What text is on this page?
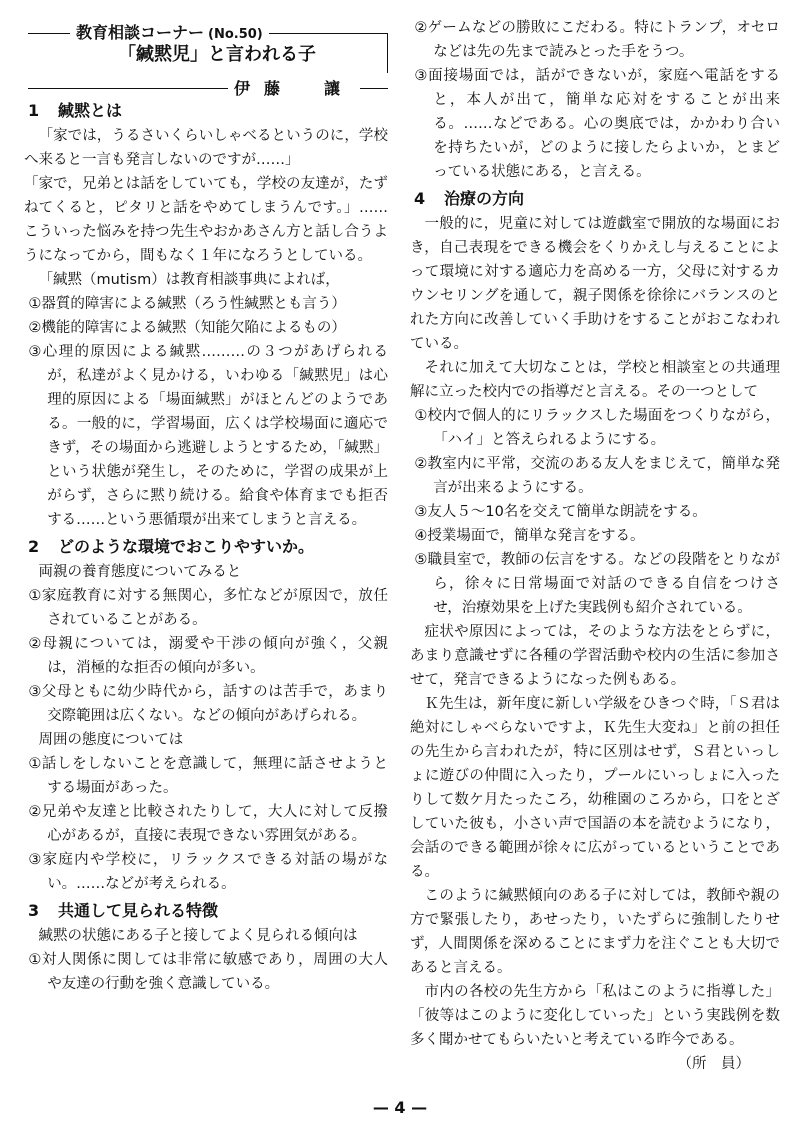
教育相談コーナー (No.50)
「緘黙児」と言われる子
伊藤　讓
1 緘黙とは

「家では，うるさいくらいしゃべるというのに，学校へ来ると一言も発言しないのですが……」

「家で，兄弟とは話をしていても，学校の友達が，たずねてくると，ピタリと話をやめてしまうんです。」……こういった悩みを持つ先生やおかあさん方と話し合うようになってから，間もなく１年になろうとしている。

「緘黙（mutism）は教育相談事典によれば，

①器質的障害による緘黙（ろう性緘黙とも言う）

②機能的障害による緘黙（知能欠陥によるもの）

③心理的原因による緘黙………の３つがあげられるが，私達がよく見かける，いわゆる「緘黙児」は心理的原因による「場面緘黙」がほとんどのようである。一般的に，学習場面，広くは学校場面に適応できず，その場面から逃避しようとするため，「緘黙」という状態が発生し，そのために，学習の成果が上がらず，さらに黙り続ける。給食や体育までも拒否する……という悪循環が出来てしまうと言える。

2 どのような環境でおこりやすいか。

両親の養育態度についてみると

①家庭教育に対する無関心，多忙などが原因で，放任されていることがある。

②母親については，溺愛や干渉の傾向が強く，父親は，消極的な拒否の傾向が多い。

③父母ともに幼少時代から，話すのは苦手で，あまり交際範囲は広くない。などの傾向があげられる。

周囲の態度については

①話しをしないことを意識して，無理に話させようとする場面があった。

②兄弟や友達と比較されたりして，大人に対して反撥心があるが，直接に表現できない雰囲気がある。

③家庭内や学校に，リラックスできる対話の場がない。……などが考えられる。

3 共通して見られる特徴

緘黙の状態にある子と接してよく見られる傾向は

①対人関係に関しては非常に敏感であり，周囲の大人や友達の行動を強く意識している。

②ゲームなどの勝敗にこだわる。特にトランプ，オセロなどは先の先まで読みとった手をうつ。

③面接場面では，話ができないが，家庭へ電話をすると，本人が出て，簡単な応対をすることが出来る。……などである。心の奥底では，かかわり合いを持ちたいが，どのように接したらよいか，とまどっている状態にある，と言える。

4 治療の方向

一般的に，児童に対しては遊戯室で開放的な場面におき，自己表現をできる機会をくりかえし与えることによって環境に対する適応力を高める一方，父母に対するカウンセリングを通して，親子関係を徐徐にバランスのとれた方向に改善していく手助けをすることがおこなわれている。

それに加えて大切なことは，学校と相談室との共通理解に立った校内での指導だと言える。その一つとして

①校内で個人的にリラックスした場面をつくりながら，「ハイ」と答えられるようにする。

②教室内に平常，交流のある友人をまじえて，簡単な発言が出来るようにする。

③友人５〜10名を交えて簡単な朗読をする。

④授業場面で，簡単な発言をする。

⑤職員室で，教師の伝言をする。などの段階をとりながら，徐々に日常場面で対話のできる自信をつけさせ，治療効果を上げた実践例も紹介されている。

症状や原因によっては，そのような方法をとらずに，あまり意識せずに各種の学習活動や校内の生活に参加させて，発言できるようになった例もある。

Ｋ先生は，新年度に新しい学級をひきつぐ時，「Ｓ君は絶対にしゃべらないですよ，Ｋ先生大変ね」と前の担任の先生から言われたが，特に区別はせず，Ｓ君といっしょに遊びの仲間に入ったり，プールにいっしょに入ったりして数ケ月たったころ，幼稚園のころから，口をとざしていた彼も，小さい声で国語の本を読むようになり，会話のできる範囲が徐々に広がっているということである。

このように緘黙傾向のある子に対しては，教師や親の方で緊張したり，あせったり，いたずらに強制したりせず，人間関係を深めることにまず力を注ぐことも大切であると言える。

市内の各校の先生方から「私はこのように指導した」「彼等はこのように変化していった」という実践例を数多く聞かせてもらいたいと考えている昨今である。

（所　員）

— 4 —
